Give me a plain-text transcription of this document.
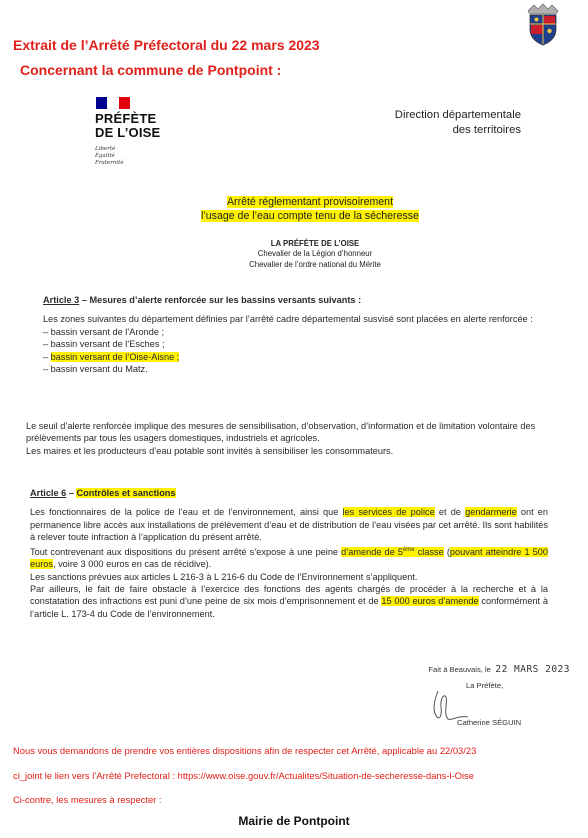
Extrait de l’Arrêté Préfectoral du 22 mars 2023
Concernant la commune de Pontpoint :
PRÉFÈTE
DE L’OISE
Liberté
Égalité
Fraternité
Direction départementale
des territoires
Arrêté réglementant provisoirement
l’usage de l’eau compte tenu de la sécheresse
LA PRÉFÈTE DE L’OISE
Chevalier de la Légion d’honneur
Chevalier de l’ordre national du Mérite

Article 3 – Mesures d’alerte renforcée sur les bassins versants suivants :

Les zones suivantes du département définies par l’arrêté cadre départemental susvisé sont placées en alerte renforcée :

– bassin versant de l’Aronde ;

– bassin versant de l’Esches ;

– bassin versant de l’Oise-Aisne ;

– bassin versant du Matz.

Le seuil d’alerte renforcée implique des mesures de sensibilisation, d’observation, d’information et de limitation volontaire des prélèvements par tous les usagers domestiques, industriels et agricoles.

Les maires et les producteurs d’eau potable sont invités à sensibiliser les consommateurs.

Article 6 – Contrôles et sanctions

Les fonctionnaires de la police de l’eau et de l’environnement, ainsi que les services de police et de gendarmerie ont en permanence libre accès aux installations de prélèvement d’eau et de distribution de l’eau visées par cet arrêté. Ils sont habilités à relever toute infraction à l’application du présent arrêté.

Tout contrevenant aux dispositions du présent arrêté s’expose à une peine d’amende de 5ème classe (pouvant atteindre 1 500 euros, voire 3 000 euros en cas de récidive).

Les sanctions prévues aux articles L 216-3 à L 216-6 du Code de l’Environnement s’appliquent.

Par ailleurs, le fait de faire obstacle à l’exercice des fonctions des agents chargés de procéder à la recherche et à la constatation des infractions est puni d’une peine de six mois d’emprisonnement et de 15 000 euros d’amende conformément à l’article L. 173-4 du Code de l’environnement.

Fait à Beauvais, le 22 MARS 2023
La Préfète,
Catherine SÉGUIN
Nous vous demandons de prendre vos entières dispositions afin de respecter cet Arrêté, applicable au 22/03/23
ci_joint le lien vers l’Arrêté Prefectoral : https://www.oise.gouv.fr/Actualites/Situation-de-secheresse-dans-l-Oise
Ci-contre, les mesures à respecter :
Mairie de Pontpoint
